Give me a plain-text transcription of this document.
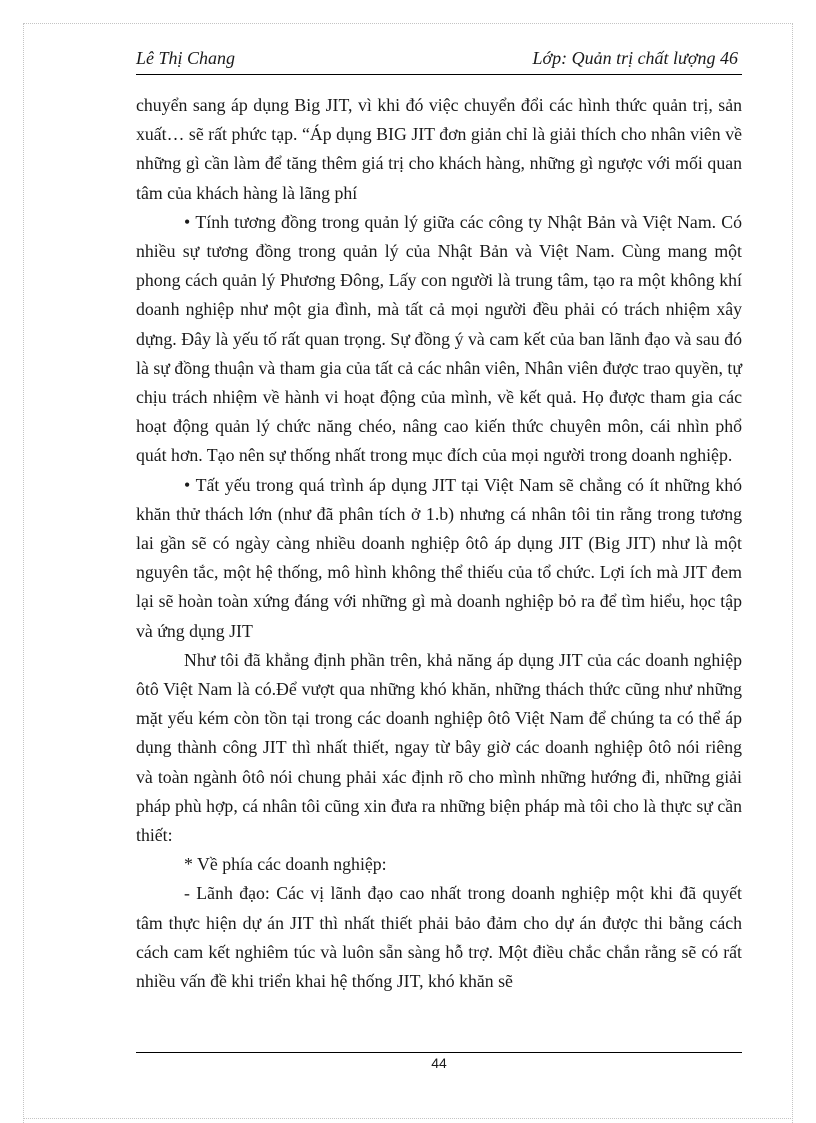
Lê Thị Chang	Lớp: Quản trị chất lượng 46

chuyển sang áp dụng Big JIT, vì khi đó việc chuyển đổi các hình thức quản trị, sản xuất… sẽ rất phức tạp. “Áp dụng BIG JIT đơn giản chỉ là giải thích cho nhân viên về những gì cần làm để tăng thêm giá trị cho khách hàng, những gì ngược với mối quan tâm của khách hàng là lãng phí

• Tính tương đồng trong quản lý giữa các công ty Nhật Bản và Việt Nam. Có nhiều sự tương đồng trong quản lý của Nhật Bản và Việt Nam. Cùng mang một phong cách quản lý Phương Đông, Lấy con người là trung tâm, tạo ra một không khí doanh nghiệp như một gia đình, mà tất cả mọi người đều phải có trách nhiệm xây dựng. Đây là yếu tố rất quan trọng. Sự đồng ý và cam kết của ban lãnh đạo và sau đó là sự đồng thuận và tham gia của tất cả các nhân viên, Nhân viên được trao quyền, tự chịu trách nhiệm về hành vi hoạt động của mình, về kết quả. Họ được tham gia các hoạt động quản lý chức năng chéo, nâng cao kiến thức chuyên môn, cái nhìn phổ quát hơn. Tạo nên sự thống nhất trong mục đích của mọi người trong doanh nghiệp.

• Tất yếu trong quá trình áp dụng JIT tại Việt Nam sẽ chẳng có ít những khó khăn thử thách lớn (như đã phân tích ở 1.b) nhưng cá nhân tôi tin rằng trong tương lai gần sẽ có ngày càng nhiều doanh nghiệp ôtô áp dụng JIT (Big JIT) như là một nguyên tắc, một hệ thống, mô hình không thể thiếu của tổ chức. Lợi ích mà JIT đem lại sẽ hoàn toàn xứng đáng với những gì mà doanh nghiệp bỏ ra để tìm hiểu, học tập và ứng dụng JIT

Như tôi đã khẳng định phần trên, khả năng áp dụng JIT của các doanh nghiệp ôtô Việt Nam là có.Để vượt qua những khó khăn, những thách thức cũng như những mặt yếu kém còn tồn tại trong các doanh nghiệp ôtô Việt Nam để chúng ta có thể áp dụng thành công JIT thì nhất thiết, ngay từ bây giờ các doanh nghiệp ôtô nói riêng và toàn ngành ôtô nói chung phải xác định rõ cho mình những hướng đi, những giải pháp phù hợp, cá nhân tôi cũng xin đưa ra những biện pháp mà tôi cho là thực sự cần thiết:

* Về phía các doanh nghiệp:

- Lãnh đạo: Các vị lãnh đạo cao nhất trong doanh nghiệp một khi đã quyết tâm thực hiện dự án JIT thì nhất thiết phải bảo đảm cho dự án được thi bằng cách cách cam kết nghiêm túc và luôn sẵn sàng hỗ trợ. Một điều chắc chắn rằng sẽ có rất nhiều vấn đề khi triển khai hệ thống JIT, khó khăn sẽ

44
